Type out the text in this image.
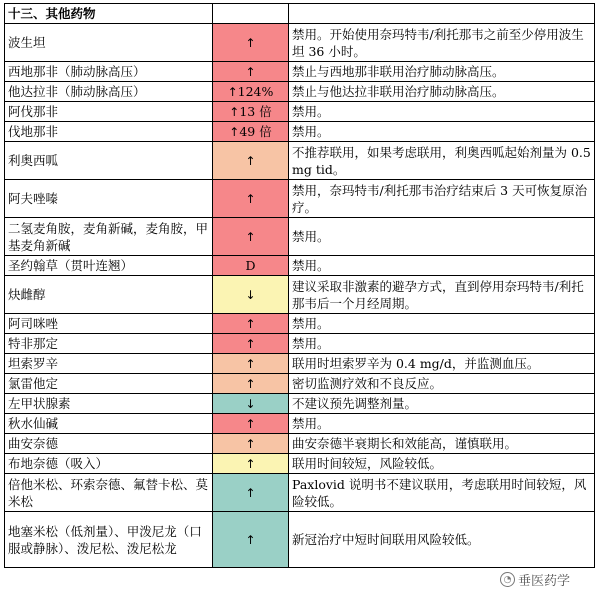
十三、其他药物		
波生坦	↑	禁用。开始使用奈玛特韦/利托那韦之前至少停用波生坦 36 小时。
西地那非（肺动脉高压）	↑	禁止与西地那非联用治疗肺动脉高压。
他达拉非（肺动脉高压）	↑124%	禁止与他达拉非联用治疗肺动脉高压。
阿伐那非	↑13 倍	禁用。
伐地那非	↑49 倍	禁用。
利奥西呱	↑	不推荐联用，如果考虑联用，利奥西呱起始剂量为 0.5 mg tid。
阿夫唑嗪	↑	禁用，奈玛特韦/利托那韦治疗结束后 3 天可恢复原治疗。
二氢麦角胺，麦角新碱，麦角胺，甲基麦角新碱	↑	禁用。
圣约翰草（贯叶连翘）	D	禁用。
炔雌醇	↓	建议采取非激素的避孕方式，直到停用奈玛特韦/利托那韦后一个月经周期。
阿司咪唑	↑	禁用。
特非那定	↑	禁用。
坦索罗辛	↑	联用时坦索罗辛为 0.4 mg/d，并监测血压。
氯雷他定	↑	密切监测疗效和不良反应。
左甲状腺素	↓	不建议预先调整剂量。
秋水仙碱	↑	禁用。
曲安奈德	↑	曲安奈德半衰期长和效能高，谨慎联用。
布地奈德（吸入）	↑	联用时间较短，风险较低。
倍他米松、环索奈德、氟替卡松、莫米松	↑	Paxlovid 说明书不建议联用，考虑联用时间较短，风险较低。
地塞米松（低剂量）、甲泼尼龙（口服或静脉）、泼尼松、泼尼松龙	↑	新冠治疗中短时间联用风险较低。
◔ 垂医药学
